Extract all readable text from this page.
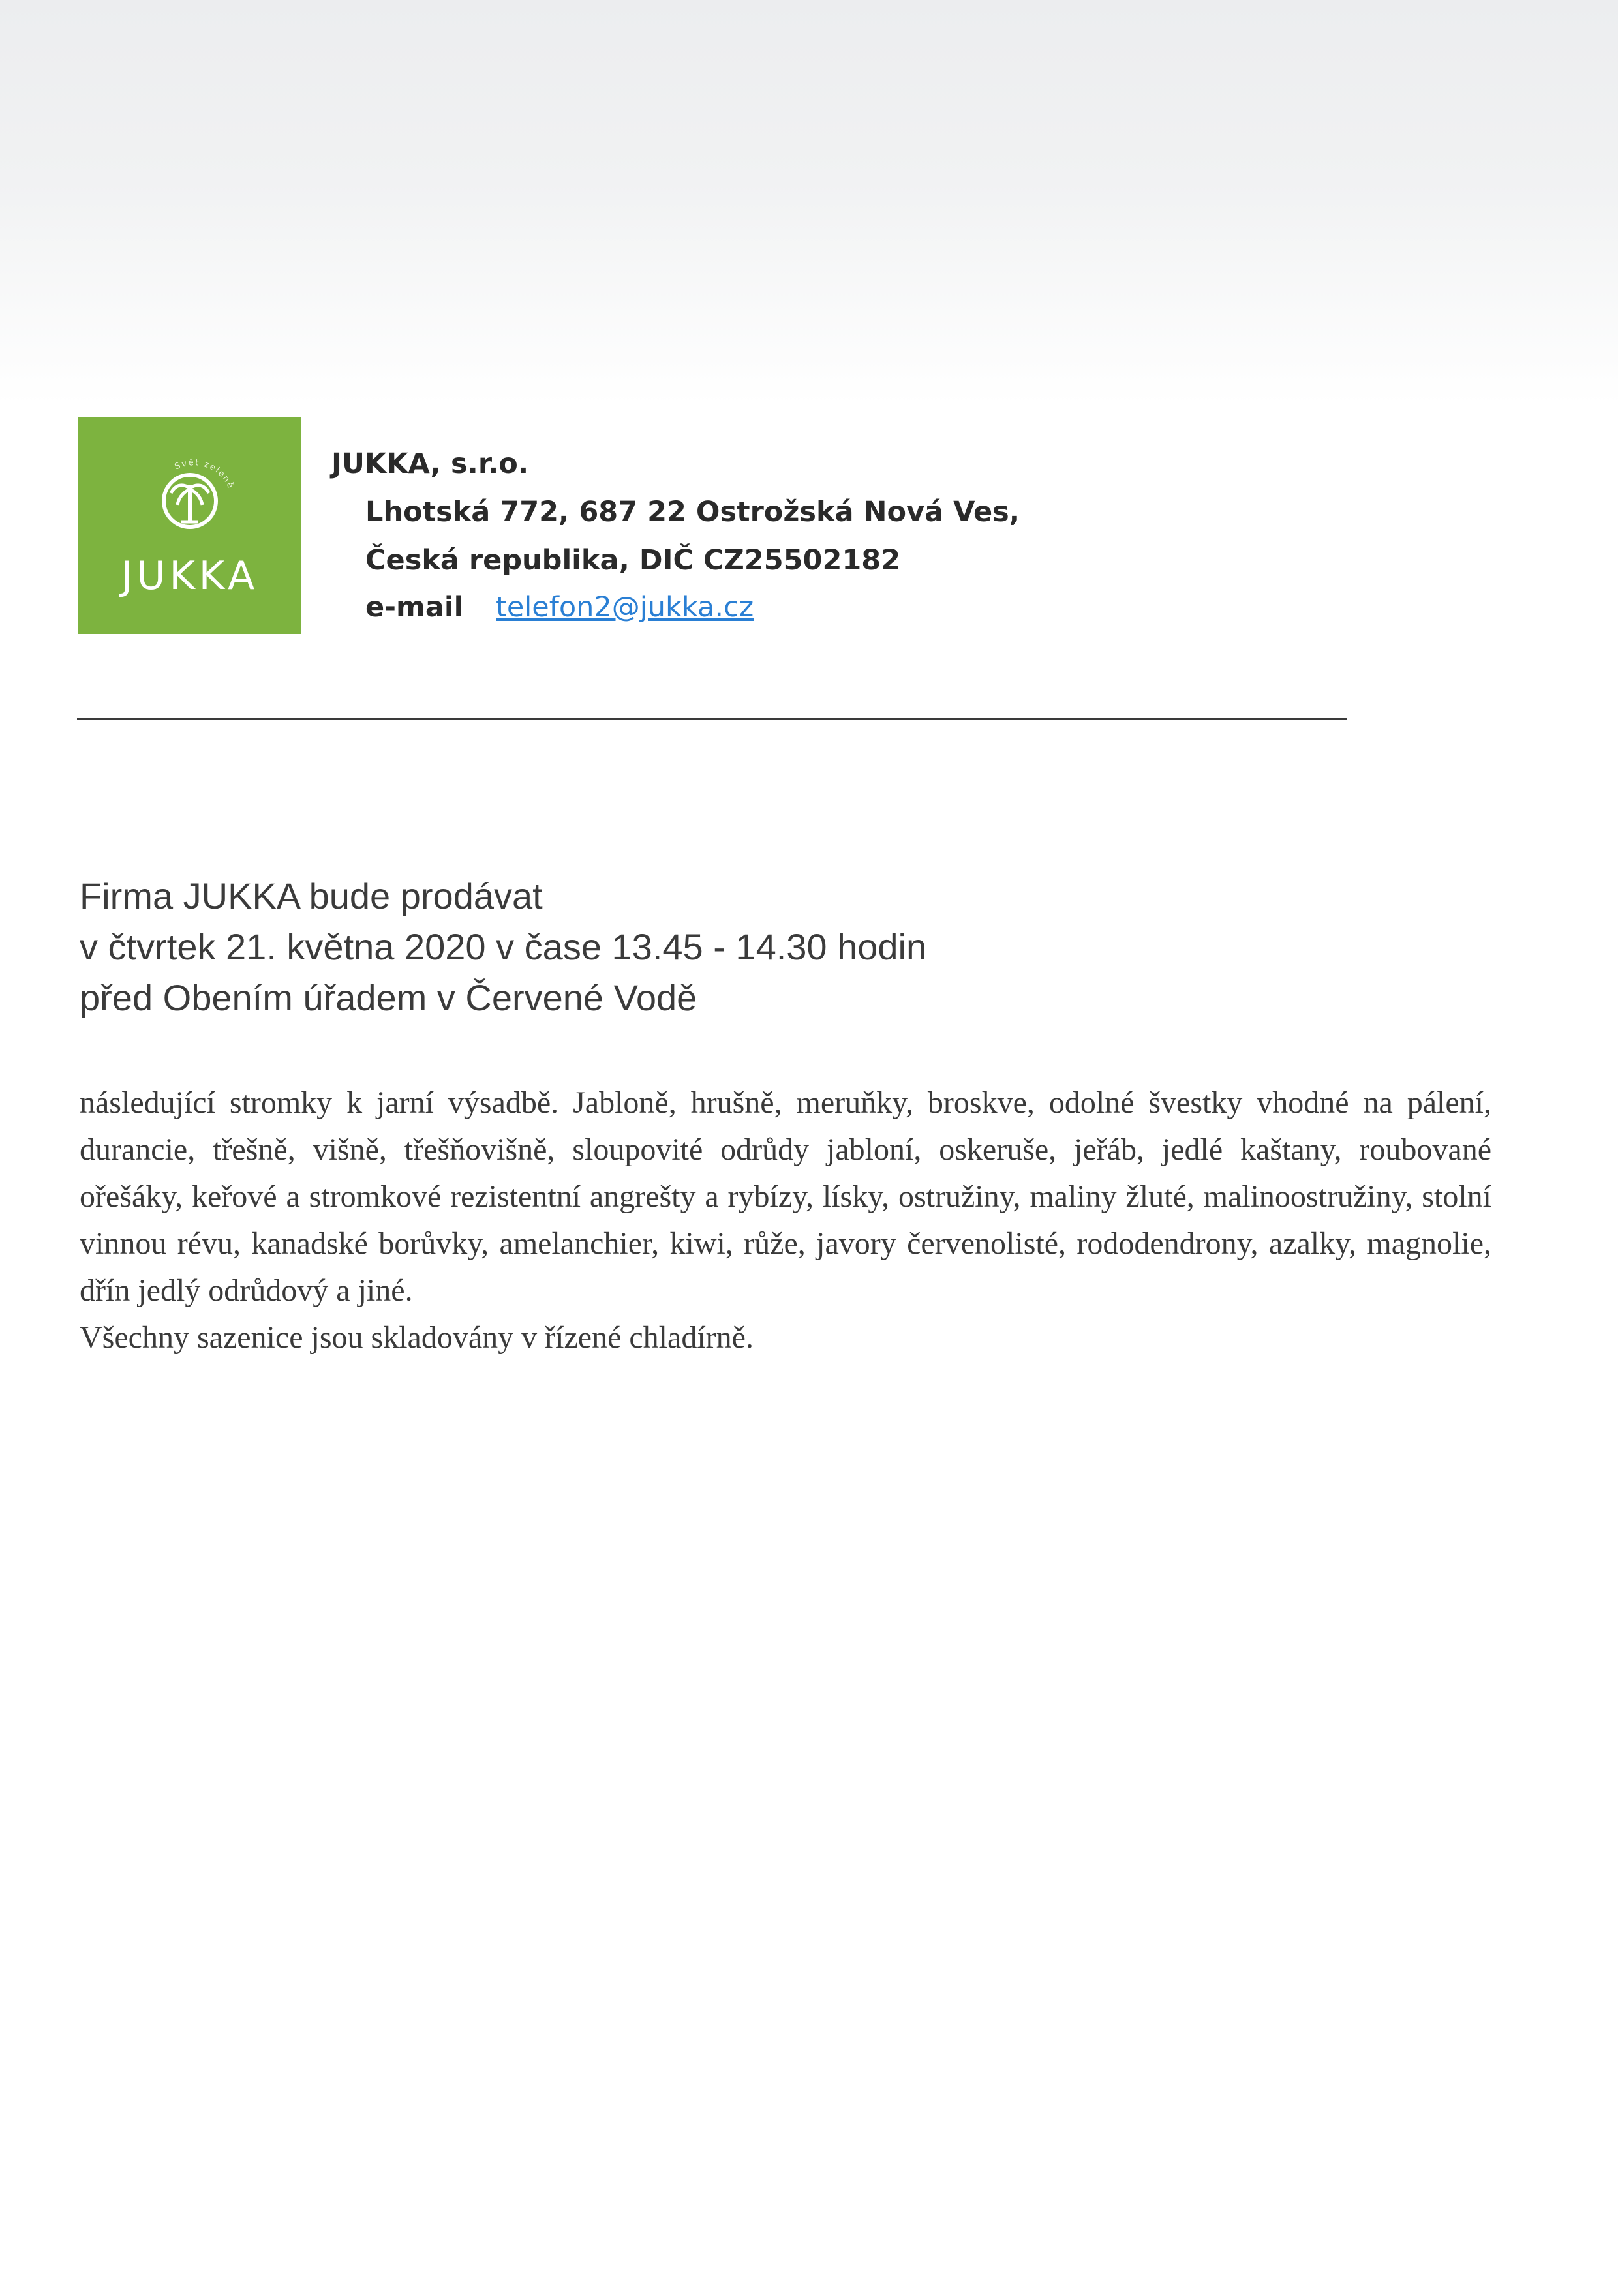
Svět zeleně
JUKKA
JUKKA, s.r.o.
Lhotská 772, 687 22 Ostrožská Nová Ves,
Česká republika, DIČ CZ25502182
e-mail telefon2@jukka.cz
Firma JUKKA bude prodávat
v čtvrtek 21. května 2020 v čase 13.45 - 14.30 hodin
před Obením úřadem v Červené Vodě

následující stromky k jarní výsadbě. Jabloně, hrušně, meruňky, broskve, odolné švestky vhodné na pálení, durancie, třešně, višně, třešňovišně, sloupovité odrůdy jabloní, oskeruše, jeřáb, jedlé kaštany, roubované ořešáky, keřové a stromkové rezistentní angrešty a rybízy, lísky, ostružiny, maliny žluté, malinoostružiny, stolní vinnou révu, kanadské borůvky, amelanchier, kiwi, růže, javory červenolisté, rododendrony, azalky, magnolie, dřín jedlý odrůdový a jiné.

Všechny sazenice jsou skladovány v řízené chladírně.
